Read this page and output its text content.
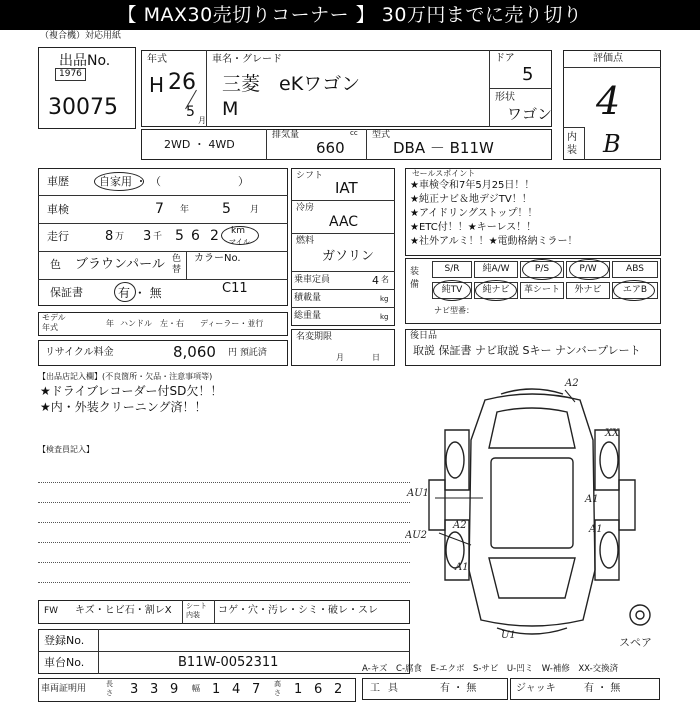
【 MAX30売切りコーナー 】 30万円までに売り切り
（複合機）対応用紙
出品No.
1976
30075
年式
H 26
5
月
車名・グレード
三菱　eKワゴン
M
ドア
5
形状
ワゴン
評価点
4
内装 B
2WD ・ 4WD
排気量	cc
660
型式
DBA － B11W
車歴	自家用 ・ （　　　　　　　）
車検	7 年 5 月
走行	8 万 3 千 5 6 2 km
マイル
色 ブラウンパール 色替
カラーNo.
C11
保証書	有 ・ 無
モデル年式	年 ハンドル　左・右 ディーラー・並行
リサイクル料金	8,060 円 預託済
シフト
IAT
冷房
AAC
燃料
ガソリン
乗車定員	4 名
積載量	kg
総重量	kg
名変期限
月日
セールスポイント
★車検令和7年5月25日！！
★純正ナビ＆地デジTV！！
★アイドリングストップ！！
★ETC付！！★キーレス！！
★社外アルミ！！★電動格納ミラー！
装備
S/R	純A/W	P/S	P/W	ABS
純TV	純ナビ	革シート	外ナビ	エアB
ナビ型番：
後日品
取説 保証書 ナビ取説 Sキー ナンバープレート
【出品店記入欄】(不良箇所・欠品・注意事項等)
★ドライブレコーダー付SD欠！！
★内・外装クリーニング済！！
【検査員記入】
FW キズ・ヒビ石・割レX シート内装	コゲ・穴・汚レ・シミ・破レ・スレ
登録No.
車台No.	B11W-0052311
車両証明用	長さ 3 3 9 幅 1 4 7 高さ 1 6 2
A-キズ　C-腐食　E-エクボ　S-サビ　U-凹ミ　W-補修　XX-交換済
工具	有 ・ 無	ジャッキ	有 ・ 無
A2
XX
AU1
A1
A2
AU2
A1
A1
U1
スペア
